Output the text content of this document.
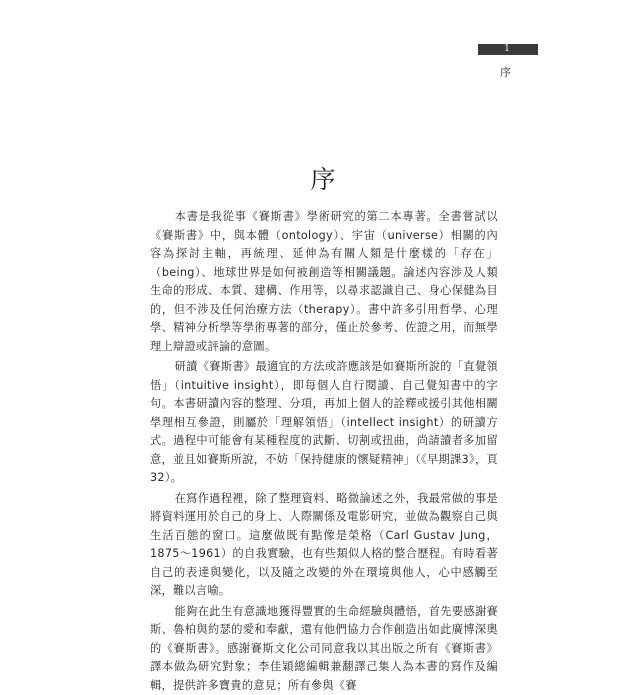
1
序
序

本書是我從事《賽斯書》學術研究的第二本專著。全書嘗試以《賽斯書》中，與本體（ontology）、宇宙（universe）相關的內容為探討主軸，再統理、延伸為有關人類是什麼樣的「存在」（being）、地球世界是如何被創造等相關議題。論述內容涉及人類生命的形成、本質、建構、作用等，以尋求認識自己、身心保健為目的，但不涉及任何治療方法（therapy）。書中許多引用哲學、心理學、精神分析學等學術專著的部分，僅止於參考、佐證之用，而無學理上辯證或評論的意圖。

研讀《賽斯書》最適宜的方法或許應該是如賽斯所說的「直覺領悟」（intuitive insight），即每個人自行閱讀、自己覺知書中的字句。本書研讀內容的整理、分項，再加上個人的詮釋或援引其他相關學理相互參證，則屬於「理解領悟」（intellect insight）的研讀方式。過程中可能會有某種程度的武斷、切割或扭曲，尚請讀者多加留意，並且如賽斯所說，不妨「保持健康的懷疑精神」（《早期課3》，頁32）。

在寫作過程裡，除了整理資料、略微論述之外，我最常做的事是將資料運用於自己的身上、人際關係及電影研究，並做為觀察自己與生活百態的窗口。這麼做既有點像是榮格（Carl Gustav Jung，1875～1961）的自我實驗，也有些類似人格的整合歷程。有時看著自己的表達與變化，以及隨之改變的外在環境與他人，心中感觸至深，難以言喻。

能夠在此生有意識地獲得豐實的生命經驗與體悟，首先要感謝賽斯、魯柏與約瑟的愛和奉獻，還有他們協力合作創造出如此廣博深奧的《賽斯書》。感謝賽斯文化公司同意我以其出版之所有《賽斯書》譯本做為研究對象；李佳穎總編輯兼翻譯己集人為本書的寫作及編輯，提供許多寶貴的意見；所有參與《賽
